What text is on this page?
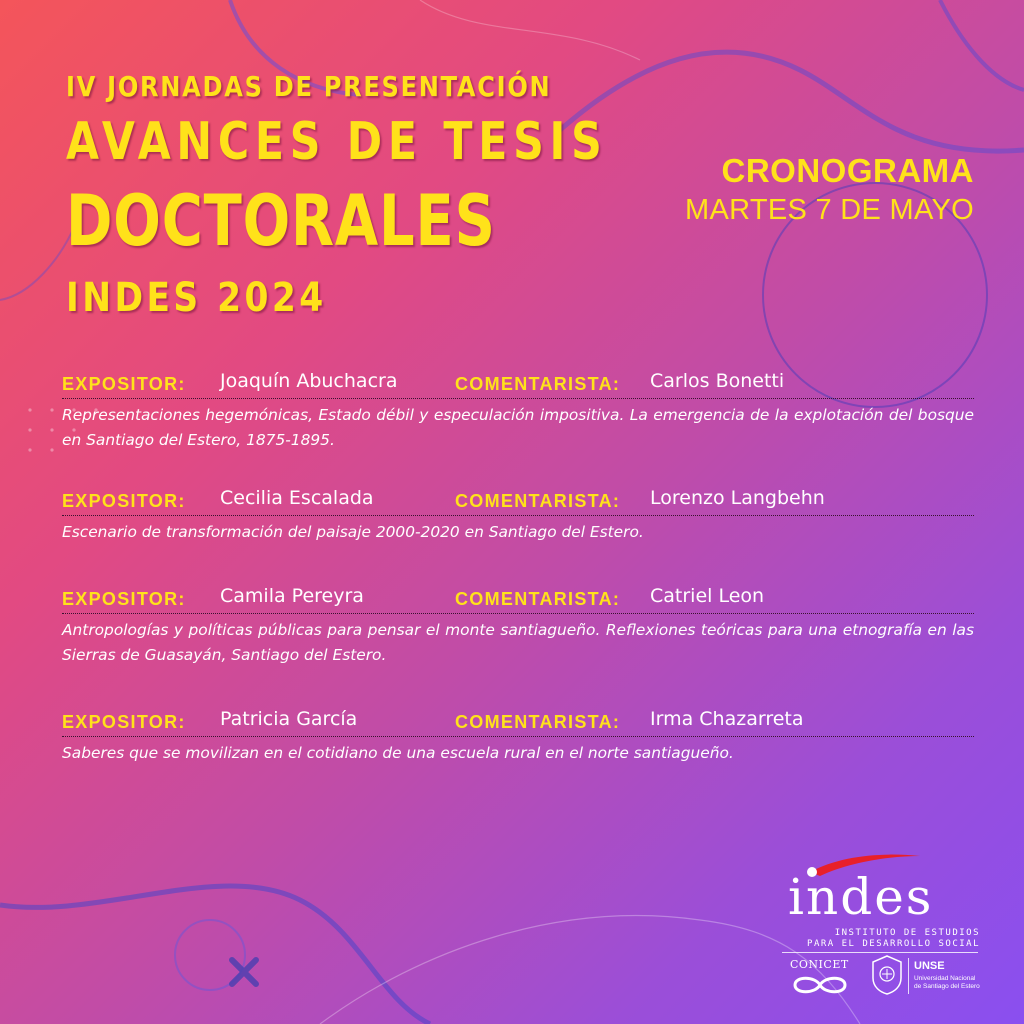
IV JORNADAS DE PRESENTACIÓN
AVANCES DE TESIS
DOCTORALES
INDES 2024
CRONOGRAMA
MARTES 7 DE MAYO
EXPOSITOR: Joaquín Abuchacra	COMENTARISTA: Carlos Bonetti
Representaciones hegemónicas, Estado débil y especulación impositiva. La emergencia de la explotación del bosque en Santiago del Estero, 1875-1895.
EXPOSITOR: Cecilia Escalada	COMENTARISTA: Lorenzo Langbehn
Escenario de transformación del paisaje 2000-2020 en Santiago del Estero.
EXPOSITOR: Camila Pereyra	COMENTARISTA: Catriel Leon
Antropologías y políticas públicas para pensar el monte santiagueño. Reflexiones teóricas para una etnografía en las Sierras de Guasayán, Santiago del Estero.
EXPOSITOR: Patricia García	COMENTARISTA: Irma Chazarreta
Saberes que se movilizan en el cotidiano de una escuela rural en el norte santiagueño.
indes
INSTITUTO DE ESTUDIOS
PARA EL DESARROLLO SOCIAL
CONICET	UNSE
Universidad Nacional de Santiago del Estero
